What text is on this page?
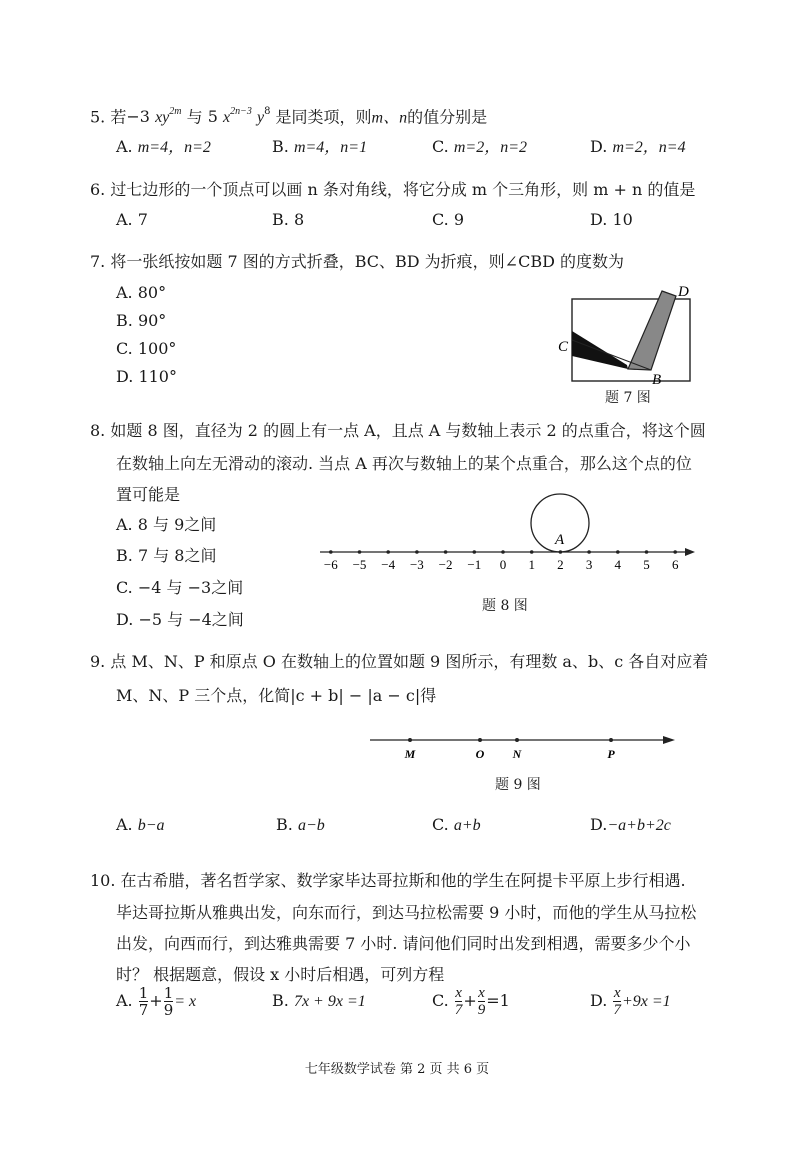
5. 若−3 $xy^{2m}$ 与 5 $x^{2n-3}$ $y^8$ 是同类项，则m、n的值分别是
A. m=4，n=2	B. m=4，n=1	C. m=2，n=2	D. m=2，n=4
6. 过七边形的一个顶点可以画 n 条对角线，将它分成 m 个三角形，则 m + n 的值是
A. 7	B. 8	C. 9	D. 10
7. 将一张纸按如题 7 图的方式折叠，BC、BD 为折痕，则∠CBD 的度数为
A. 80°
B. 90°
C. 100°
D. 110°
C
D
B
题 7 图
8. 如题 8 图，直径为 2 的圆上有一点 A，且点 A 与数轴上表示 2 的点重合，将这个圆
在数轴上向左无滑动的滚动. 当点 A 再次与数轴上的某个点重合，那么这个点的位
置可能是
A. 8 与 9之间
B. 7 与 8之间
C. −4 与 −3之间
D. −5 与 −4之间
A
−6 −5 −4 −3 −2 −1 0 1 2 3 4 5 6
题 8 图
9. 点 M、N、P 和原点 O 在数轴上的位置如题 9 图所示，有理数 a、b、c 各自对应着
M、N、P 三个点，化简|c + b| − |a − c|得
M	O N	P
题 9 图
A. b−a	B. a−b	C. a+b	D.−a+b+2c
10. 在古希腊，著名哲学家、数学家毕达哥拉斯和他的学生在阿提卡平原上步行相遇.
毕达哥拉斯从雅典出发，向东而行，到达马拉松需要 9 小时，而他的学生从马拉松
出发，向西而行，到达雅典需要 7 小时. 请问他们同时出发到相遇，需要多少个小
时？ 根据题意，假设 x 小时后相遇，可列方程
A. $\frac{1}{7} + \frac{1}{9} = x$	B. 7x + 9x =1	C. $\frac{x}{7} + \frac{x}{9} =1$	D. $\frac{x}{7} +9x =1$
七年级数学试卷 第 2 页 共 6 页
